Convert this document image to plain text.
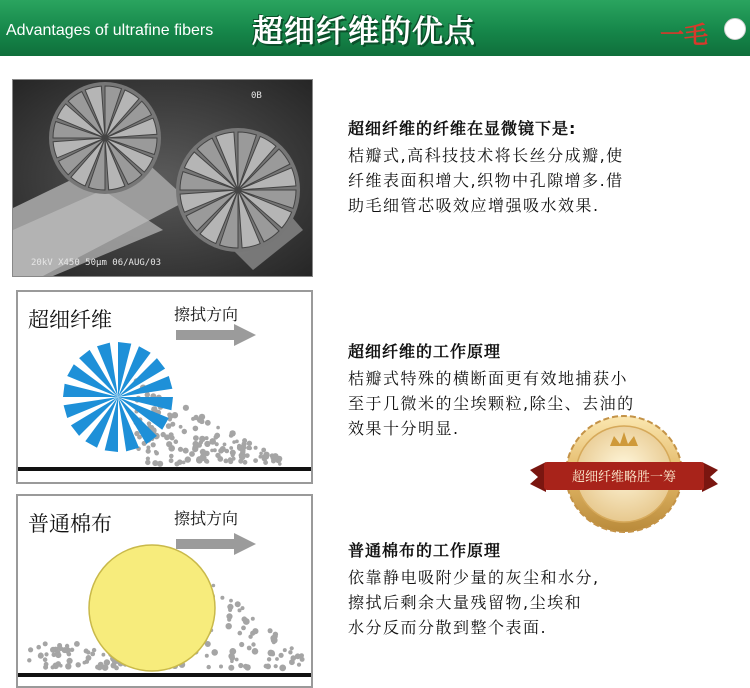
Advantages of ultrafine fibers 超细纤维的优点	一毛
0B
20kV X450 50μm 06/AUG/03
超细纤维	擦拭方向
普通棉布	擦拭方向
超细纤维的纤维在显微镜下是:
桔瓣式,高科技技术将长丝分成瓣,使
纤维表面积增大,织物中孔隙增多.借
助毛细管芯吸效应增强吸水效果.
超细纤维的工作原理
桔瓣式特殊的横断面更有效地捕获小
至于几微米的尘埃颗粒,除尘、去油的
效果十分明显.
普通棉布的工作原理
依靠静电吸附少量的灰尘和水分,
擦拭后剩余大量残留物,尘埃和
水分反而分散到整个表面.
超细纤维略胜一筹
